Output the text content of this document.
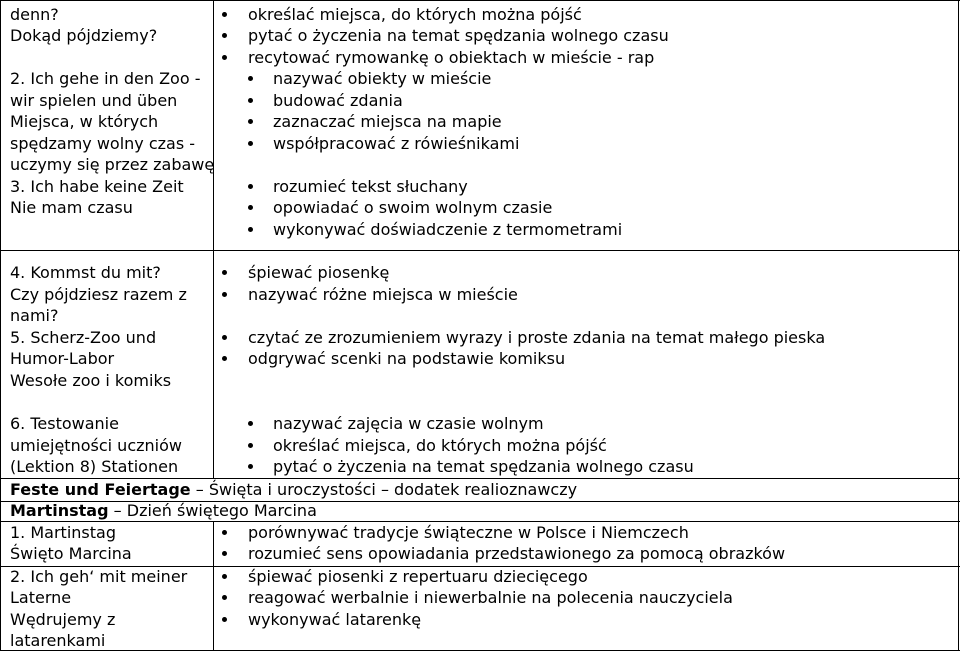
denn?
Dokąd pójdziemy?
2. Ich gehe in den Zoo -
wir spielen und üben
Miejsca, w których
spędzamy wolny czas -
uczymy się przez zabawę
3. Ich habe keine Zeit
Nie mam czasu
4. Kommst du mit?
Czy pójdziesz razem z
nami?
5. Scherz-Zoo und
Humor-Labor
Wesołe zoo i komiks
6. Testowanie
umiejętności uczniów
(Lektion 8) Stationen
określać miejsca, do których można pójść
pytać o życzenia na temat spędzania wolnego czasu
recytować rymowankę o obiektach w mieście - rap
nazywać obiekty w mieście
budować zdania
zaznaczać miejsca na mapie
współpracować z rówieśnikami
rozumieć tekst słuchany
opowiadać o swoim wolnym czasie
wykonywać doświadczenie z termometrami
śpiewać piosenkę
nazywać różne miejsca w mieście
czytać ze zrozumieniem wyrazy i proste zdania na temat małego pieska
odgrywać scenki na podstawie komiksu
nazywać zajęcia w czasie wolnym
określać miejsca, do których można pójść
pytać o życzenia na temat spędzania wolnego czasu
Feste und Feiertage – Święta i uroczystości – dodatek realioznawczy
Martinstag – Dzień świętego Marcina
1. Martinstag
Święto Marcina
2. Ich geh‘ mit meiner
Laterne
Wędrujemy z
latarenkami
porównywać tradycje świąteczne w Polsce i Niemczech
rozumieć sens opowiadania przedstawionego za pomocą obrazków
śpiewać piosenki z repertuaru dziecięcego
reagować werbalnie i niewerbalnie na polecenia nauczyciela
wykonywać latarenkę
